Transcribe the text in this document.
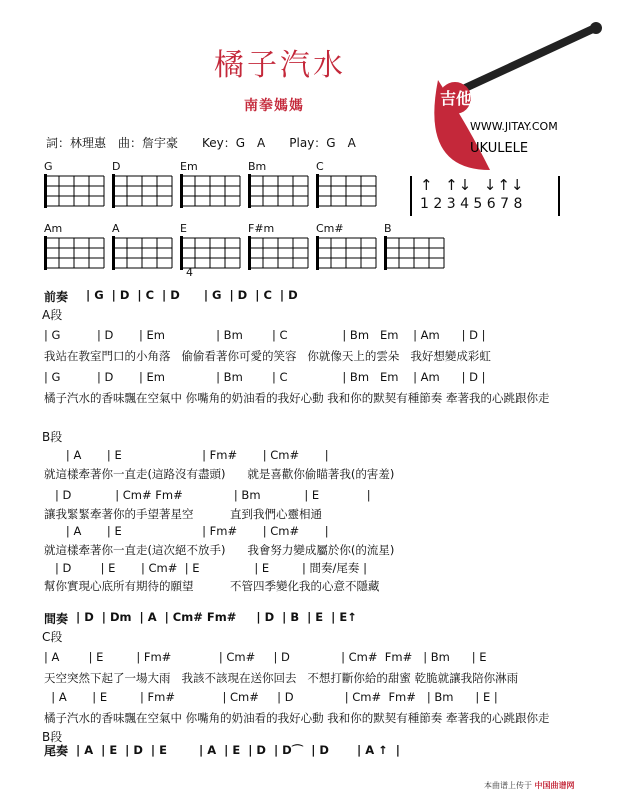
橘子汽水
南拳媽媽
詞：林理惠　曲：詹宇豪　　Key：G　A　　Play：G　A
吉他大本營
WWW.JITAY.COM
UKULELE
G	D	Em	Bm	C
Am	A	E	F#m	Cm#	B
4
↑  ↑↓  ↓↑↓
1 2 3 4 5 6 7 8
前奏 | G  | D  | C  | D      | G  | D  | C  | D
A段
| G          | D       | Em              | Bm        | C               | Bm   Em    | Am      | D |
我站在教室門口的小角落   偷偷看著你可愛的笑容   你就像天上的雲朵   我好想變成彩虹
| G          | D       | Em              | Bm        | C               | Bm   Em    | Am      | D |
橘子汽水的香味飄在空氣中 你嘴角的奶油看的我好心動 我和你的默契有種節奏 牽著我的心跳跟你走
B段
| A       | E                      | Fm#       | Cm#       |
就這樣牽著你一直走(這路沒有盡頭)      就是喜歡你偷瞄著我(的害羞)
| D            | Cm# Fm#              | Bm            | E             |
讓我緊緊牽著你的手望著星空          直到我們心靈相通
| A       | E                      | Fm#       | Cm#       |
就這樣牽著你一直走(這次絕不放手)      我會努力變成屬於你(的流星)
| D        | E       | Cm#  | E               | E         | 間奏/尾奏 |
幫你實現心底所有期待的願望          不管四季變化我的心意不隱藏
間奏 | D  | Dm  | A  | Cm# Fm#     | D  | B  | E  | E↑
C段
| A        | E         | Fm#             | Cm#     | D              | Cm#  Fm#   | Bm      | E
天空突然下起了一場大雨   我該不該現在送你回去   不想打斷你給的甜蜜 乾脆就讓我陪你淋雨
| A       | E         | Fm#             | Cm#     | D              | Cm#  Fm#   | Bm      | E |
橘子汽水的香味飄在空氣中 你嘴角的奶油看的我好心動 我和你的默契有種節奏 牽著我的心跳跟你走
B段
尾奏 | A  | E  | D  | E        | A  | E  | D  | D⌒  | D       | A ↑  |
本曲谱上传于 中国曲谱网
